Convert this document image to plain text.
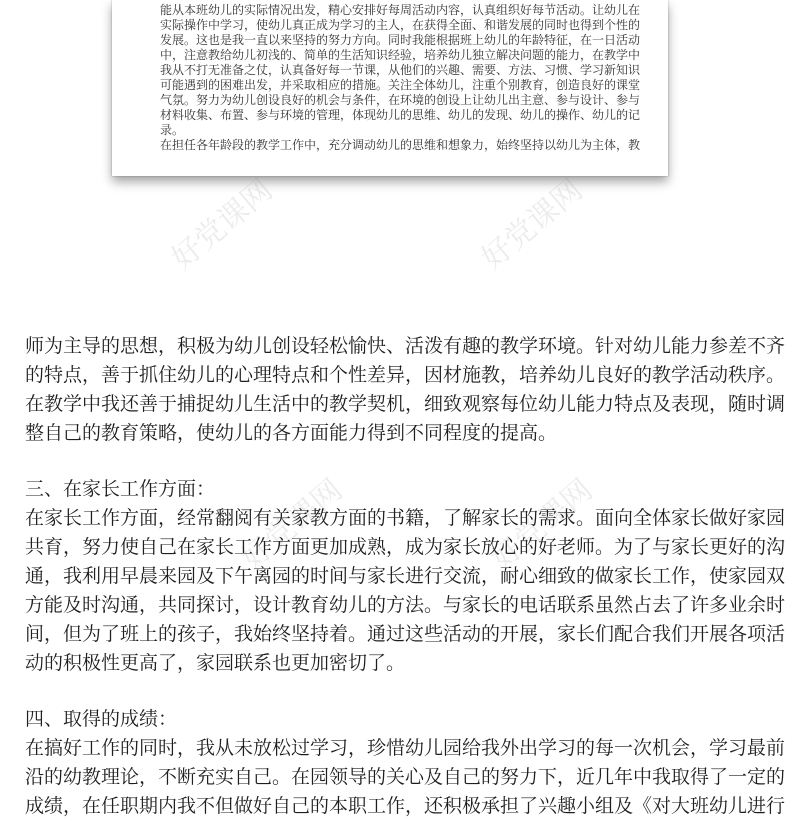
能从本班幼儿的实际情况出发，精心安排好每周活动内容，认真组织好每节活动。让幼儿在
实际操作中学习，使幼儿真正成为学习的主人，在获得全面、和谐发展的同时也得到个性的
发展。这也是我一直以来坚持的努力方向。同时我能根据班上幼儿的年龄特征，在一日活动
中，注意教给幼儿初浅的、简单的生活知识经验，培养幼儿独立解决问题的能力，在教学中
我从不打无准备之仗，认真备好每一节课，从他们的兴趣、需要、方法、习惯、学习新知识
可能遇到的困难出发，并采取相应的措施。关注全体幼儿，注重个别教育，创造良好的课堂
气氛。努力为幼儿创设良好的机会与条件，在环境的创设上让幼儿出主意、参与设计、参与
材料收集、布置、参与环境的管理，体现幼儿的思维、幼儿的发现、幼儿的操作、幼儿的记
录。
在担任各年龄段的教学工作中，充分调动幼儿的思维和想象力，始终坚持以幼儿为主体，教
好党课网	好党课网
好党课网	好党课网
师为主导的思想，积极为幼儿创设轻松愉快、活泼有趣的教学环境。针对幼儿能力参差不齐
的特点，善于抓住幼儿的心理特点和个性差异，因材施教，培养幼儿良好的教学活动秩序。
在教学中我还善于捕捉幼儿生活中的教学契机，细致观察每位幼儿能力特点及表现，随时调
整自己的教育策略，使幼儿的各方面能力得到不同程度的提高。
三、在家长工作方面：
在家长工作方面，经常翻阅有关家教方面的书籍，了解家长的需求。面向全体家长做好家园
共育，努力使自己在家长工作方面更加成熟，成为家长放心的好老师。为了与家长更好的沟
通，我利用早晨来园及下午离园的时间与家长进行交流，耐心细致的做家长工作，使家园双
方能及时沟通，共同探讨，设计教育幼儿的方法。与家长的电话联系虽然占去了许多业余时
间，但为了班上的孩子，我始终坚持着。通过这些活动的开展，家长们配合我们开展各项活
动的积极性更高了，家园联系也更加密切了。
四、取得的成绩：
在搞好工作的同时，我从未放松过学习，珍惜幼儿园给我外出学习的每一次机会，学习最前
沿的幼教理论，不断充实自己。在园领导的关心及自己的努力下，近几年中我取得了一定的
成绩，在任职期内我不但做好自己的本职工作，还积极承担了兴趣小组及《对大班幼儿进行
